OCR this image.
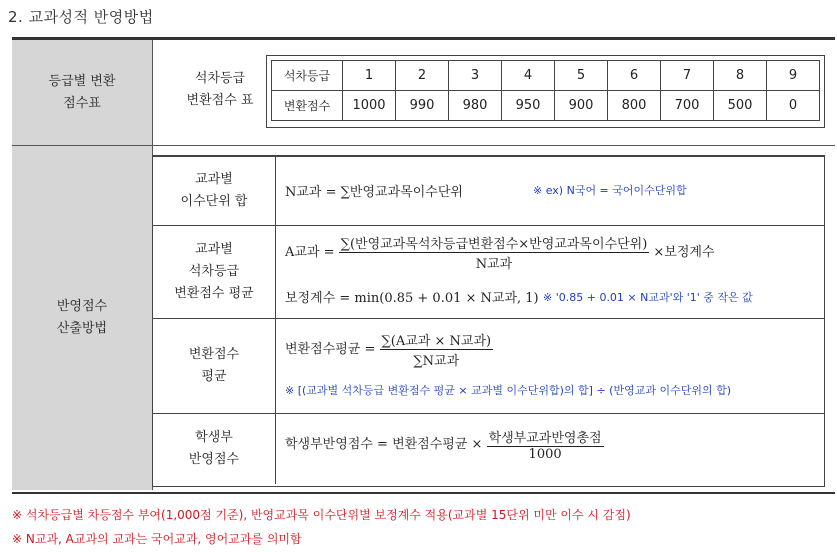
2. 교과성적 반영방법
등급별 변환
점수표
반영점수
산출방법
석차등급
변환점수 표
석차등급	1	2	3	4	5	6	7	8	9
변환점수	1000	990	980	950	900	800	700	500	0
교과별
이수단위 합
N교과 = ∑반영교과목이수단위	※ ex) N국어 = 국어이수단위합
교과별
석차등급
변환점수 평균
A교과 = $\frac{\text{∑(반영교과목석차등급변환점수×반영교과목이수단위)}}{\text{N교과}}$ ×보정계수
보정계수 = min(0.85 + 0.01 × N교과, 1) ※ '0.85 + 0.01 × N교과'와 '1' 중 작은 값
변환점수
평균
변환점수평균 = $\frac{\text{∑(A교과 × N교과)}}{\text{∑N교과}}$
※ [(교과별 석차등급 변환점수 평균 × 교과별 이수단위합)의 합] ÷ (반영교과 이수단위의 합)
학생부
반영점수
학생부반영점수 = 변환점수평균 × $\frac{\text{학생부교과반영총점}}{1000}$
※ 석차등급별 차등점수 부여(1,000점 기준), 반영교과목 이수단위별 보정계수 적용(교과별 15단위 미만 이수 시 감점)
※ N교과, A교과의 교과는 국어교과, 영어교과를 의미함
